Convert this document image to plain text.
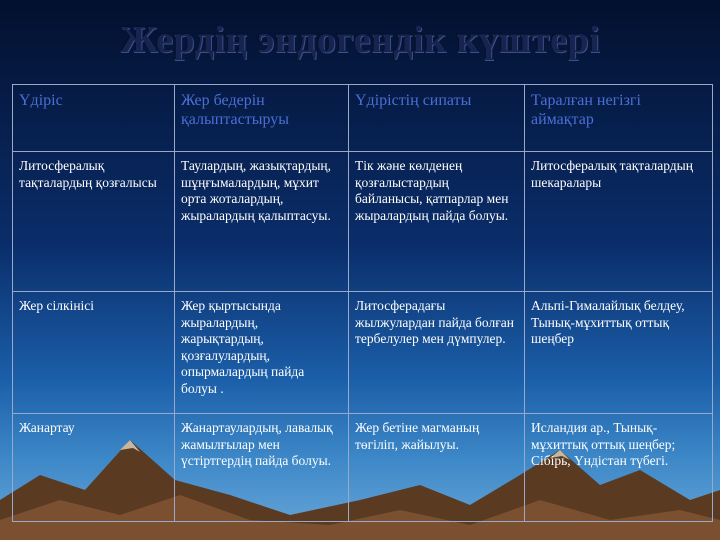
Жердің эндогендік күштері
Үдіріс	Жер бедерін қалыптастыруы	Үдірістің сипаты	Таралған негізгі аймақтар
Литосфералық тақталардың қозғалысы	Таулардың, жазықтардың, шұңғымалардың, мұхит орта жоталардың, жыралардың қалыптасуы.	Тік және көлденең қозғалыстардың байланысы, қатпарлар мен жыралардың пайда болуы.	Литосфералық тақталардың шекаралары
Жер сілкінісі	Жер қыртысында жыралардың, жарықтардың, қозғалулардың, опырмалардың пайда болуы .	Литосферадағы жылжулардан пайда болған тербелулер мен дүмпулер.	Альпі-Гималайлық белдеу, Тынық-мұхиттық оттық шеңбер
Жанартау	Жанартаулардың, лавалық жамылғылар мен үстіртгердің пайда болуы.	Жер бетіне магманың төгіліп, жайылуы.	Исландия ар., Тынық-мұхиттық оттық шеңбер; Сібірь, Үндістан түбегі.
